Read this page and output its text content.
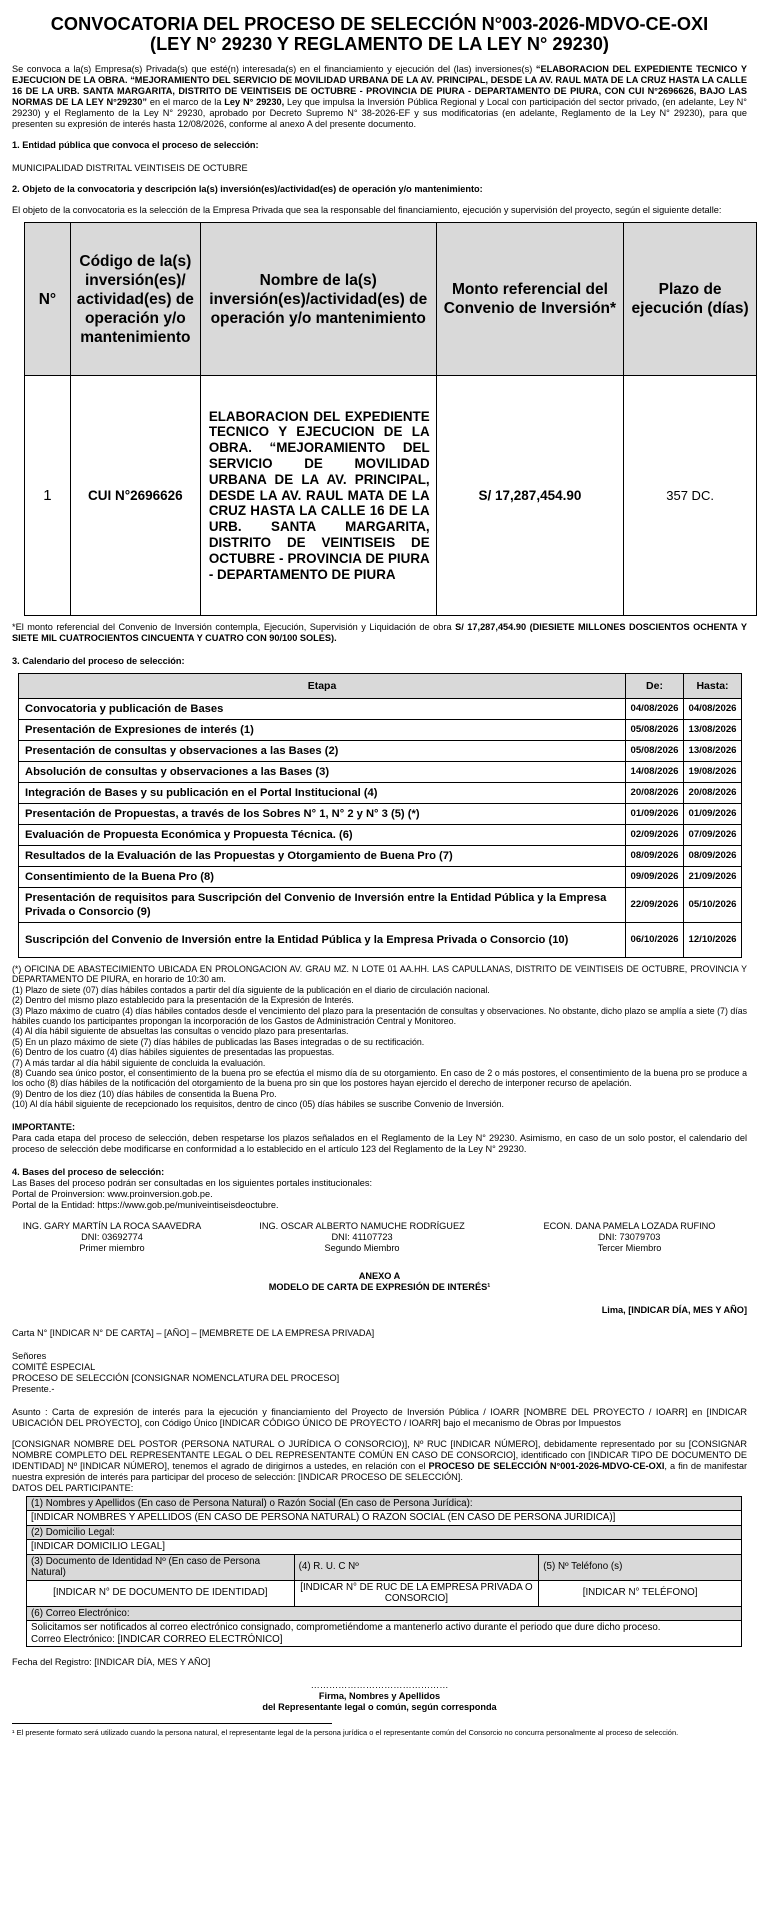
CONVOCATORIA DEL PROCESO DE SELECCIÓN N°003-2026-MDVO-CE-OXI
(LEY N° 29230 Y REGLAMENTO DE LA LEY N° 29230)

Se convoca a la(s) Empresa(s) Privada(s) que esté(n) interesada(s) en el financiamiento y ejecución del (las) inversiones(s) “ELABORACION DEL EXPEDIENTE TECNICO Y EJECUCION DE LA OBRA. “MEJORAMIENTO DEL SERVICIO DE MOVILIDAD URBANA DE LA AV. PRINCIPAL, DESDE LA AV. RAUL MATA DE LA CRUZ HASTA LA CALLE 16 DE LA URB. SANTA MARGARITA, DISTRITO DE VEINTISEIS DE OCTUBRE - PROVINCIA DE PIURA - DEPARTAMENTO DE PIURA, CON CUI N°2696626, BAJO LAS NORMAS DE LA LEY N°29230” en el marco de la Ley N° 29230, Ley que impulsa la Inversión Pública Regional y Local con participación del sector privado, (en adelante, Ley N° 29230) y el Reglamento de la Ley N° 29230, aprobado por Decreto Supremo N° 38-2026-EF y sus modificatorias (en adelante, Reglamento de la Ley N° 29230), para que presenten su expresión de interés hasta 12/08/2026, conforme al anexo A del presente documento.

1. Entidad pública que convoca el proceso de selección:

MUNICIPALIDAD DISTRITAL VEINTISEIS DE OCTUBRE

2. Objeto de la convocatoria y descripción la(s) inversión(es)/actividad(es) de operación y/o mantenimiento:

El objeto de la convocatoria es la selección de la Empresa Privada que sea la responsable del financiamiento, ejecución y supervisión del proyecto, según el siguiente detalle:

N°	Código de la(s) inversión(es)/ actividad(es) de operación y/o mantenimiento	Nombre de la(s) inversión(es)/actividad(es) de operación y/o mantenimiento	Monto referencial del Convenio de Inversión*	Plazo de ejecución (días)
1	CUI N°2696626	ELABORACION DEL EXPEDIENTE TECNICO Y EJECUCION DE LA OBRA. “MEJORAMIENTO DEL SERVICIO DE MOVILIDAD URBANA DE LA AV. PRINCIPAL, DESDE LA AV. RAUL MATA DE LA CRUZ HASTA LA CALLE 16 DE LA URB. SANTA MARGARITA, DISTRITO DE VEINTISEIS DE OCTUBRE - PROVINCIA DE PIURA - DEPARTAMENTO DE PIURA	S/ 17,287,454.90	357 DC.

*El monto referencial del Convenio de Inversión contempla, Ejecución, Supervisión y Liquidación de obra S/ 17,287,454.90 (DIESIETE MILLONES DOSCIENTOS OCHENTA Y SIETE MIL CUATROCIENTOS CINCUENTA Y CUATRO CON 90/100 SOLES).

3. Calendario del proceso de selección:

Etapa	De:	Hasta:
Convocatoria y publicación de Bases	04/08/2026	04/08/2026
Presentación de Expresiones de interés (1)	05/08/2026	13/08/2026
Presentación de consultas y observaciones a las Bases (2)	05/08/2026	13/08/2026
Absolución de consultas y observaciones a las Bases (3)	14/08/2026	19/08/2026
Integración de Bases y su publicación en el Portal Institucional (4)	20/08/2026	20/08/2026
Presentación de Propuestas, a través de los Sobres N° 1, N° 2 y N° 3 (5) (*)	01/09/2026	01/09/2026
Evaluación de Propuesta Económica y Propuesta Técnica. (6)	02/09/2026	07/09/2026
Resultados de la Evaluación de las Propuestas y Otorgamiento de Buena Pro (7)	08/09/2026	08/09/2026
Consentimiento de la Buena Pro (8)	09/09/2026	21/09/2026
Presentación de requisitos para Suscripción del Convenio de Inversión entre la Entidad Pública y la Empresa Privada o Consorcio (9)	22/09/2026	05/10/2026
Suscripción del Convenio de Inversión entre la Entidad Pública y la Empresa Privada o Consorcio (10)	06/10/2026	12/10/2026

(*) OFICINA DE ABASTECIMIENTO UBICADA EN PROLONGACION AV. GRAU MZ. N LOTE 01 AA.HH. LAS CAPULLANAS, DISTRITO DE VEINTISEIS DE OCTUBRE, PROVINCIA Y DEPARTAMENTO DE PIURA, en horario de 10:30 am.

(1) Plazo de siete (07) días hábiles contados a partir del día siguiente de la publicación en el diario de circulación nacional.

(2) Dentro del mismo plazo establecido para la presentación de la Expresión de Interés.

(3) Plazo máximo de cuatro (4) días hábiles contados desde el vencimiento del plazo para la presentación de consultas y observaciones. No obstante, dicho plazo se amplía a siete (7) días hábiles cuando los participantes propongan la incorporación de los Gastos de Administración Central y Monitoreo.

(4) Al día hábil siguiente de absueltas las consultas o vencido plazo para presentarlas.

(5) En un plazo máximo de siete (7) días hábiles de publicadas las Bases integradas o de su rectificación.

(6) Dentro de los cuatro (4) días hábiles siguientes de presentadas las propuestas.

(7) A más tardar al día hábil siguiente de concluida la evaluación.

(8) Cuando sea único postor, el consentimiento de la buena pro se efectúa el mismo día de su otorgamiento. En caso de 2 o más postores, el consentimiento de la buena pro se produce a los ocho (8) días hábiles de la notificación del otorgamiento de la buena pro sin que los postores hayan ejercido el derecho de interponer recurso de apelación.

(9) Dentro de los diez (10) días hábiles de consentida la Buena Pro.

(10) Al día hábil siguiente de recepcionado los requisitos, dentro de cinco (05) días hábiles se suscribe Convenio de Inversión.

IMPORTANTE:

Para cada etapa del proceso de selección, deben respetarse los plazos señalados en el Reglamento de la Ley N° 29230. Asimismo, en caso de un solo postor, el calendario del proceso de selección debe modificarse en conformidad a lo establecido en el artículo 123 del Reglamento de la Ley N° 29230.

4. Bases del proceso de selección:

Las Bases del proceso podrán ser consultadas en los siguientes portales institucionales:

Portal de Proinversion: www.proinversion.gob.pe.

Portal de la Entidad: https://www.gob.pe/muniveintiseisdeoctubre.

ING. GARY MARTÍN LA ROCA SAAVEDRA
DNI: 03692774
Primer miembro
ING. OSCAR ALBERTO NAMUCHE RODRÍGUEZ
DNI: 41107723
Segundo Miembro
ECON. DANA PAMELA LOZADA RUFINO
DNI: 73079703
Tercer Miembro
ANEXO A
MODELO DE CARTA DE EXPRESIÓN DE INTERÉS¹
Lima, [INDICAR DÍA, MES Y AÑO]

Carta N° [INDICAR N° DE CARTA] – [AÑO] – [MEMBRETE DE LA EMPRESA PRIVADA]

Señores
COMITÉ ESPECIAL
PROCESO DE SELECCIÓN [CONSIGNAR NOMENCLATURA DEL PROCESO]
Presente.-

Asunto : Carta de expresión de interés para la ejecución y financiamiento del Proyecto de Inversión Pública / IOARR [NOMBRE DEL PROYECTO / IOARR] en [INDICAR UBICACIÓN DEL PROYECTO], con Código Único [INDICAR CÓDIGO ÚNICO DE PROYECTO / IOARR] bajo el mecanismo de Obras por Impuestos

[CONSIGNAR NOMBRE DEL POSTOR (PERSONA NATURAL O JURÍDICA O CONSORCIO)], Nº RUC [INDICAR NÚMERO], debidamente representado por su [CONSIGNAR NOMBRE COMPLETO DEL REPRESENTANTE LEGAL O DEL REPRESENTANTE COMÚN EN CASO DE CONSORCIO], identificado con [INDICAR TIPO DE DOCUMENTO DE IDENTIDAD] Nº [INDICAR NÚMERO], tenemos el agrado de dirigirnos a ustedes, en relación con el PROCESO DE SELECCIÓN N°001-2026-MDVO-CE-OXI, a fin de manifestar nuestra expresión de interés para participar del proceso de selección: [INDICAR PROCESO DE SELECCIÓN].

DATOS DEL PARTICIPANTE:

(1) Nombres y Apellidos (En caso de Persona Natural) o Razón Social (En caso de Persona Jurídica):		
[INDICAR NOMBRES Y APELLIDOS (EN CASO DE PERSONA NATURAL) O RAZON SOCIAL (EN CASO DE PERSONA JURIDICA)]		
(2) Domicilio Legal:		
[INDICAR DOMICILIO LEGAL]		
(3) Documento de Identidad Nº (En caso de Persona Natural)	(4) R. U. C Nº	(5) Nº Teléfono (s)
[INDICAR N° DE DOCUMENTO DE IDENTIDAD]	[INDICAR N° DE RUC DE LA EMPRESA PRIVADA O CONSORCIO]	[INDICAR N° TELÉFONO]
(6) Correo Electrónico:		
Solicitamos ser notificados al correo electrónico consignado, comprometiéndome a mantenerlo activo durante el periodo que dure dicho proceso.
Correo Electrónico: [INDICAR CORREO ELECTRÓNICO]		

Fecha del Registro: [INDICAR DÍA, MES Y AÑO]

………………………………………
Firma, Nombres y Apellidos
del Representante legal o común, según corresponda
¹ El presente formato será utilizado cuando la persona natural, el representante legal de la persona jurídica o el representante común del Consorcio no concurra personalmente al proceso de selección.
